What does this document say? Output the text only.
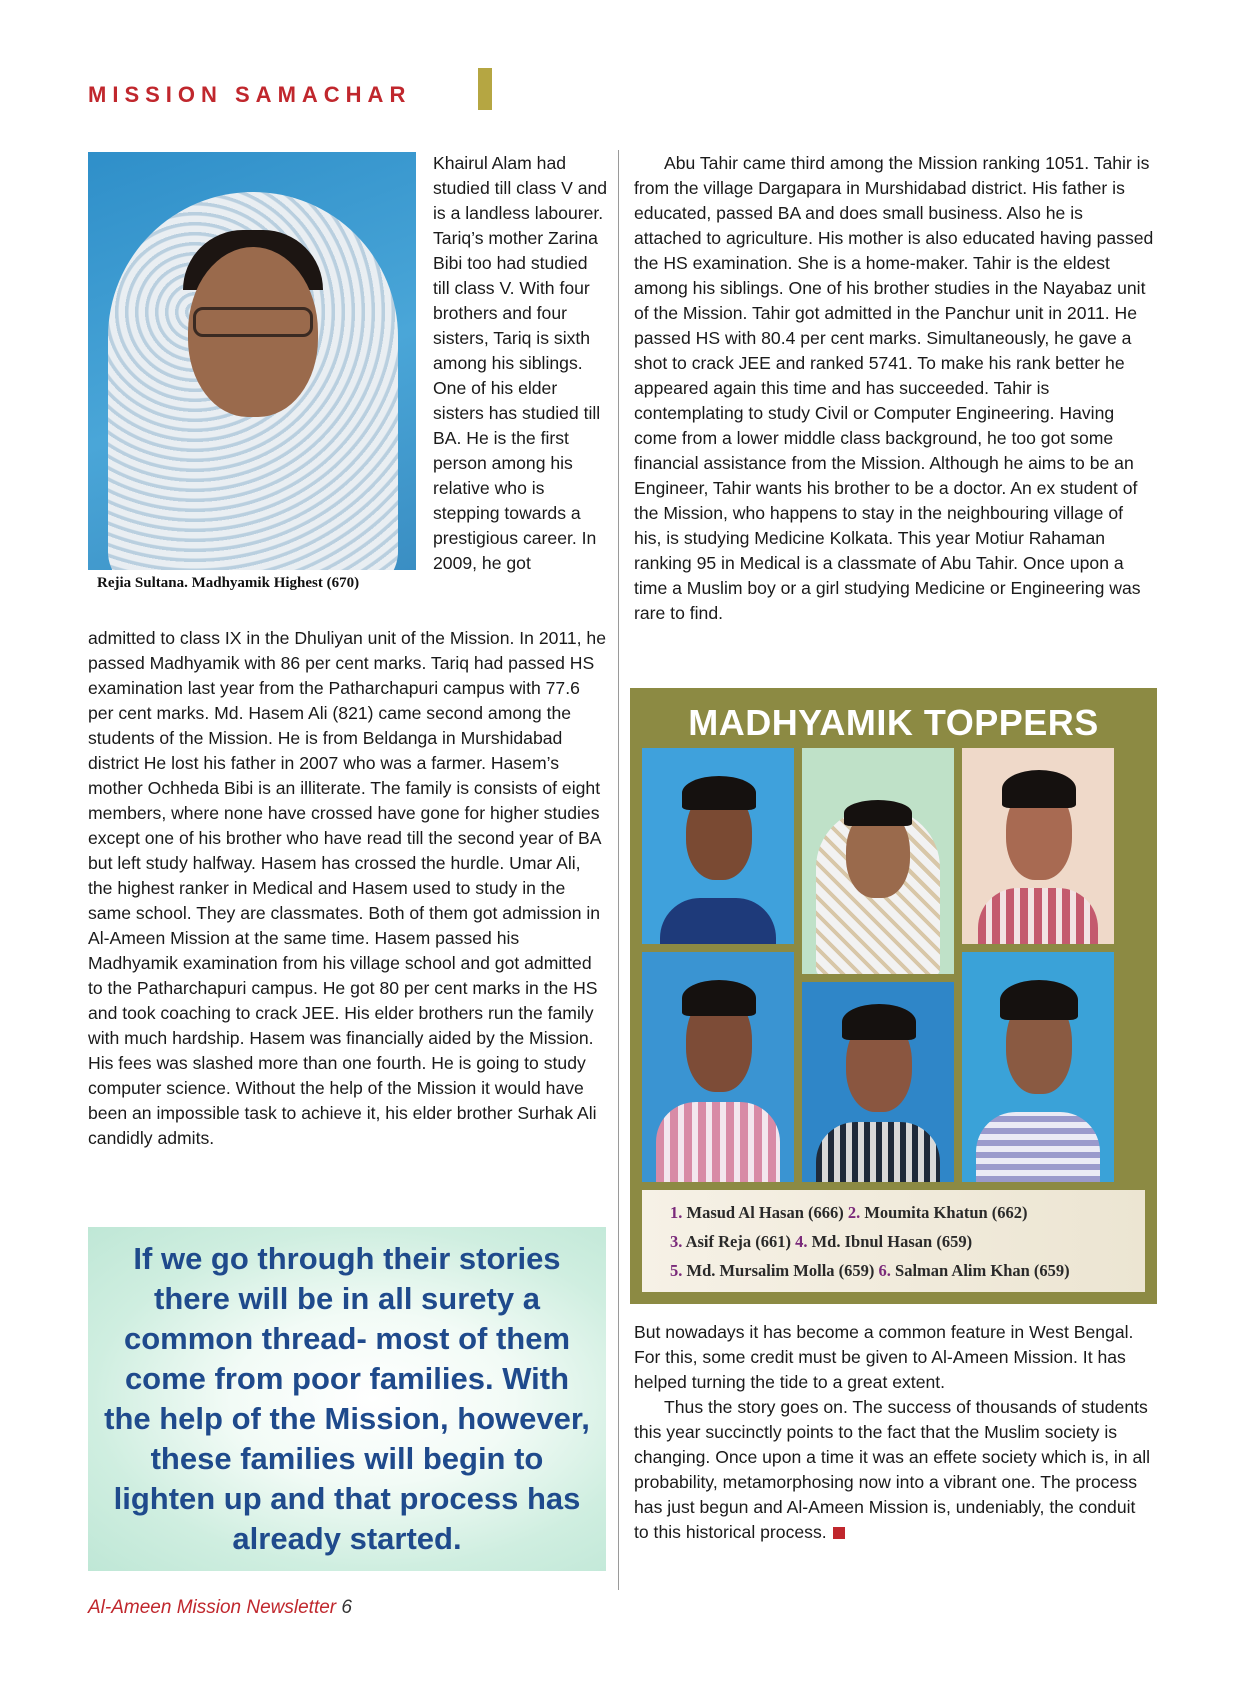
MISSION SAMACHAR
Rejia Sultana. Madhyamik Highest (670)
Khairul Alam had studied till class V and is a landless labourer. Tariq’s mother Zarina Bibi too had studied till class V. With four brothers and four sisters, Tariq is sixth among his siblings. One of his elder sisters has studied till BA. He is the first person among his relative who is stepping towards a prestigious career. In 2009, he got
admitted to class IX in the Dhuliyan unit of the Mission. In 2011, he passed Madhyamik with 86 per cent marks. Tariq had passed HS examination last year from the Patharchapuri campus with 77.6 per cent marks. Md. Hasem Ali (821) came second among the students of the Mission. He is from Beldanga in Murshidabad district He lost his father in 2007 who was a farmer. Hasem’s mother Ochheda Bibi is an illiterate. The family is consists of eight members, where none have crossed have gone for higher studies except one of his brother who have read till the second year of BA but left study halfway. Hasem has crossed the hurdle. Umar Ali, the highest ranker in Medical and Hasem used to study in the same school. They are classmates. Both of them got admission in Al-Ameen Mission at the same time. Hasem passed his Madhyamik examination from his village school and got admitted to the Patharchapuri campus. He got 80 per cent marks in the HS and took coaching to crack JEE. His elder brothers run the family with much hardship. Hasem was financially aided by the Mission. His fees was slashed more than one fourth. He is going to study computer science. Without the help of the Mission it would have been an impossible task to achieve it, his elder brother Surhak Ali candidly admits.
If we go through their stories there will be in all surety a common thread- most of them come from poor families. With the help of the Mission, however, these families will begin to lighten up and that process has already started.
Abu Tahir came third among the Mission ranking 1051. Tahir is from the village Dargapara in Murshidabad district. His father is educated, passed BA and does small business. Also he is attached to agriculture. His mother is also educated having passed the HS examination. She is a home-maker. Tahir is the eldest among his siblings. One of his brother studies in the Nayabaz unit of the Mission. Tahir got admitted in the Panchur unit in 2011. He passed HS with 80.4 per cent marks. Simultaneously, he gave a shot to crack JEE and ranked 5741. To make his rank better he appeared again this time and has succeeded. Tahir is contemplating to study Civil or Computer Engineering. Having come from a lower middle class background, he too got some financial assistance from the Mission. Although he aims to be an Engineer, Tahir wants his brother to be a doctor. An ex student of the Mission, who happens to stay in the neighbouring village of his, is studying Medicine Kolkata. This year Motiur Rahaman ranking 95 in Medical is a classmate of Abu Tahir. Once upon a time a Muslim boy or a girl studying Medicine or Engineering was rare to find.
MADHYAMIK TOPPERS
1. Masud Al Hasan (666) 2. Moumita Khatun (662)
3. Asif Reja (661) 4. Md. Ibnul Hasan (659)
5. Md. Mursalim Molla (659) 6. Salman Alim Khan (659)
But nowadays it has become a common feature in West Bengal. For this, some credit must be given to Al-Ameen Mission. It has helped turning the tide to a great extent.
Thus the story goes on. The success of thousands of students this year succinctly points to the fact that the Muslim society is changing. Once upon a time it was an effete society which is, in all probability, metamorphosing now into a vibrant one. The process has just begun and Al-Ameen Mission is, undeniably, the conduit to this historical process.
Al-Ameen Mission Newsletter 6
